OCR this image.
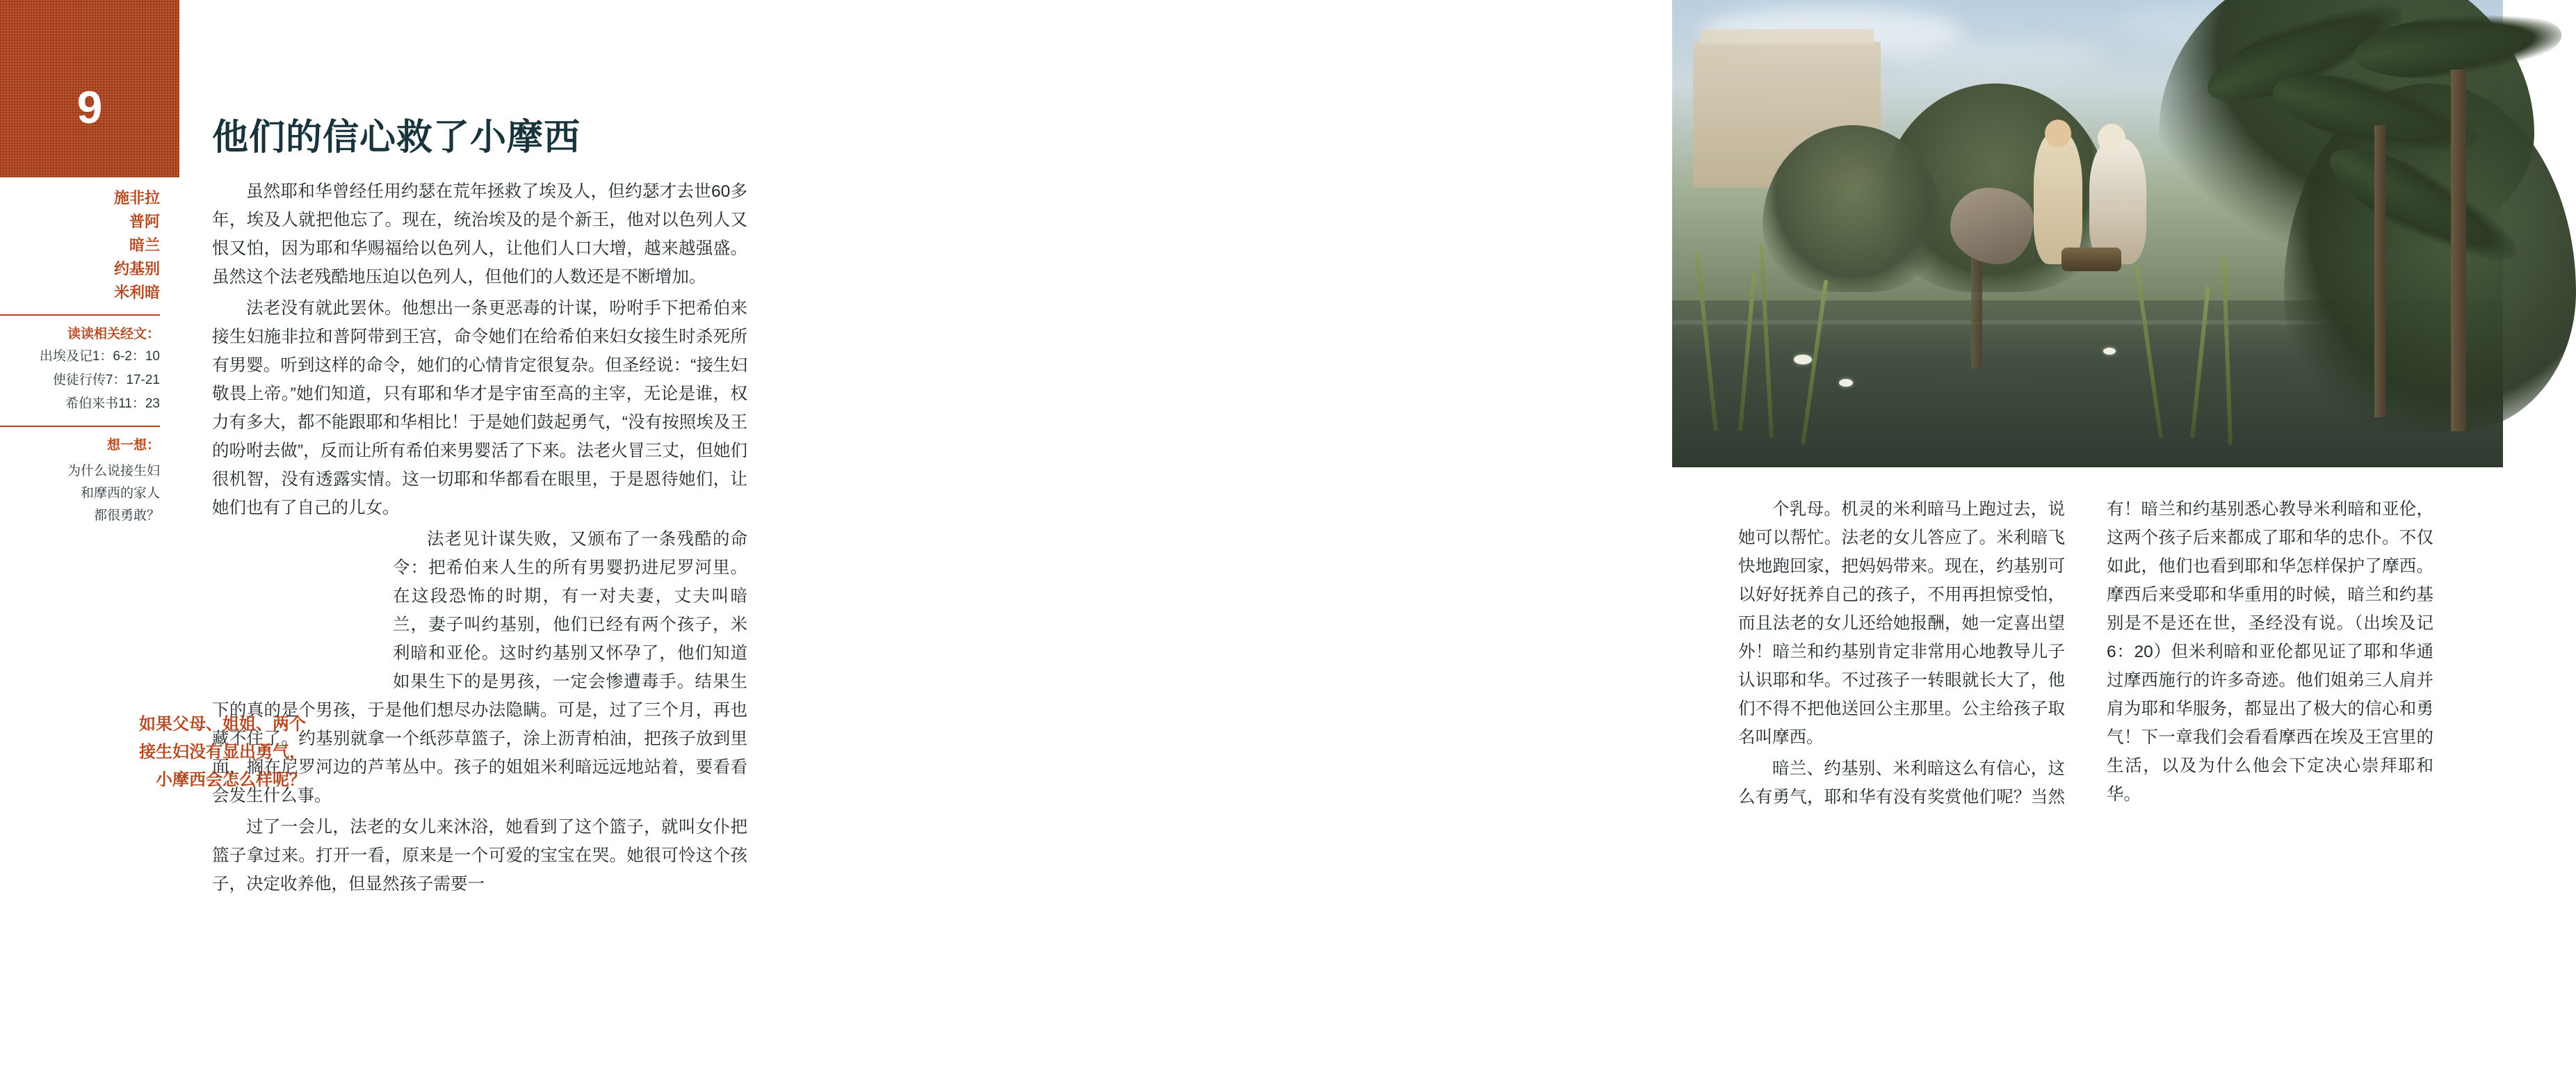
9
施非拉
普阿
暗兰
约基别
米利暗
读读相关经文：
出埃及记1：6-2：10
使徒行传7：17-21
希伯来书11：23
想一想：
为什么说接生妇
和摩西的家人
都很勇敢？
他们的信心救了小摩西

虽然耶和华曾经任用约瑟在荒年拯救了埃及人，但约瑟才去世60多年，埃及人就把他忘了。现在，统治埃及的是个新王，他对以色列人又恨又怕，因为耶和华赐福给以色列人，让他们人口大增，越来越强盛。虽然这个法老残酷地压迫以色列人，但他们的人数还是不断增加。

法老没有就此罢休。他想出一条更恶毒的计谋，吩咐手下把希伯来接生妇施非拉和普阿带到王宫，命令她们在给希伯来妇女接生时杀死所有男婴。听到这样的命令，她们的心情肯定很复杂。但圣经说：“接生妇敬畏上帝。”她们知道，只有耶和华才是宇宙至高的主宰，无论是谁，权力有多大，都不能跟耶和华相比！于是她们鼓起勇气，“没有按照埃及王的吩咐去做”，反而让所有希伯来男婴活了下来。法老火冒三丈，但她们很机智，没有透露实情。这一切耶和华都看在眼里，于是恩待她们，让她们也有了自己的儿女。

法老见计谋失败，又颁布了一条残酷的命令：把希伯来人生的所有男婴扔进尼罗河里。在这段恐怖的时期，有一对夫妻，丈夫叫暗兰，妻子叫约基别，他们已经有两个孩子，米利暗和亚伦。这时约基别又怀孕了，他们知道如果生下的是男孩，一定会惨遭毒手。结果生下的真的是个男孩，于是他们想尽办法隐瞒。可是，过了三个月，再也藏不住了。约基别就拿一个纸莎草篮子，涂上沥青柏油，把孩子放到里面，搁在尼罗河边的芦苇丛中。孩子的姐姐米利暗远远地站着，要看看会发生什么事。

过了一会儿，法老的女儿来沐浴，她看到了这个篮子，就叫女仆把篮子拿过来。打开一看，原来是一个可爱的宝宝在哭。她很可怜这个孩子，决定收养他，但显然孩子需要一

如果父母、姐姐、两个
接生妇没有显出勇气，
小摩西会怎么样呢？

个乳母。机灵的米利暗马上跑过去，说她可以帮忙。法老的女儿答应了。米利暗飞快地跑回家，把妈妈带来。现在，约基别可以好好抚养自己的孩子，不用再担惊受怕，而且法老的女儿还给她报酬，她一定喜出望外！暗兰和约基别肯定非常用心地教导儿子认识耶和华。不过孩子一转眼就长大了，他们不得不把他送回公主那里。公主给孩子取名叫摩西。

暗兰、约基别、米利暗这么有信心，这么有勇气，耶和华有没有奖赏他们呢？当然有！暗兰和约基别悉心教导米利暗和亚伦，这两个孩子后来都成了耶和华的忠仆。不仅如此，他们也看到耶和华怎样保护了摩西。摩西后来受耶和华重用的时候，暗兰和约基别是不是还在世，圣经没有说。（出埃及记6：20）但米利暗和亚伦都见证了耶和华通过摩西施行的许多奇迹。他们姐弟三人肩并肩为耶和华服务，都显出了极大的信心和勇气！下一章我们会看看摩西在埃及王宫里的生活，以及为什么他会下定决心崇拜耶和华。
